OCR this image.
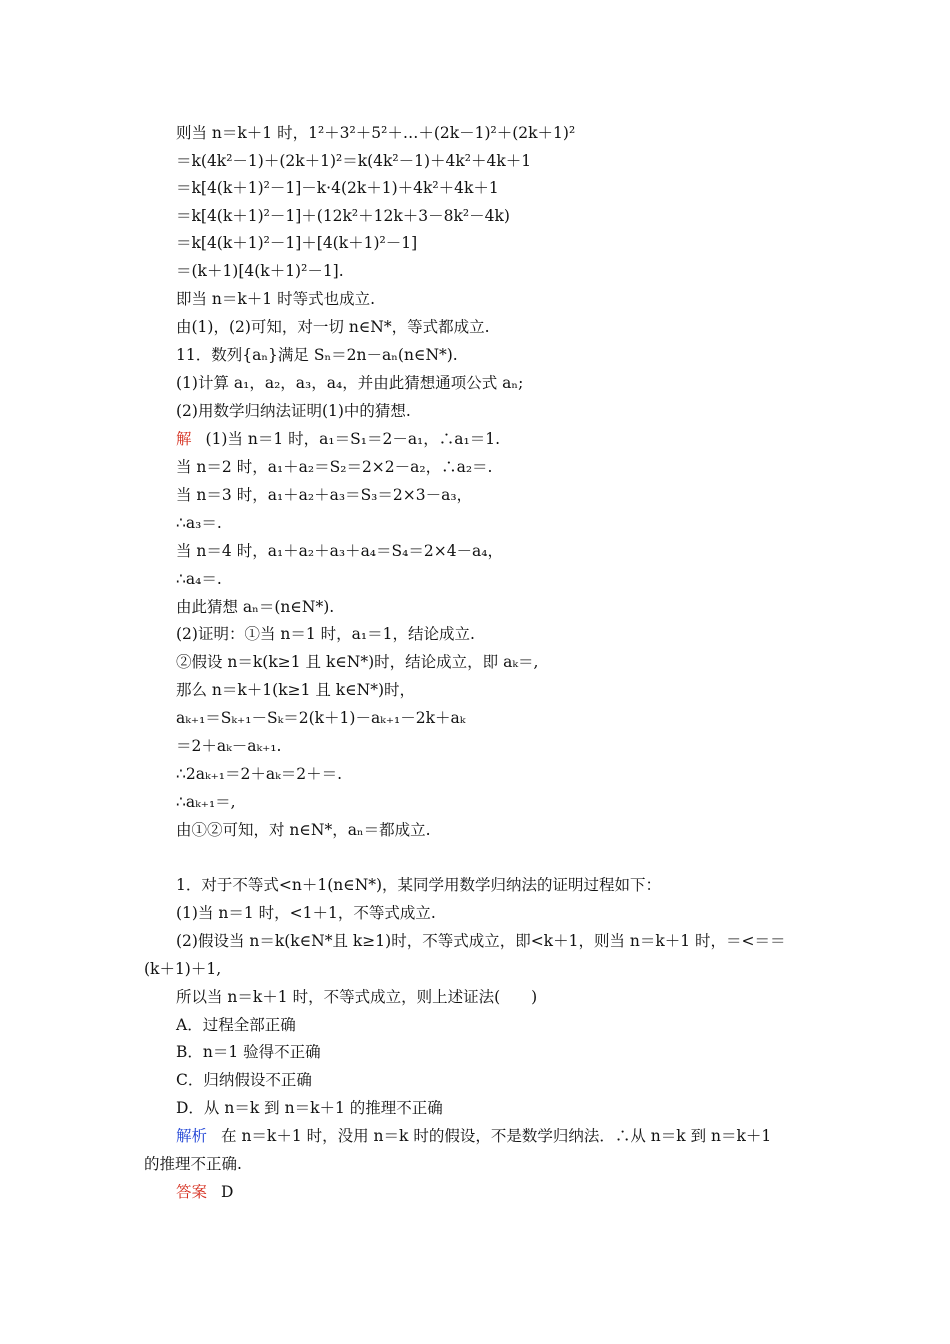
则当 n＝k＋1 时，1²＋3²＋5²＋…＋(2k－1)²＋(2k＋1)²
＝k(4k²－1)＋(2k＋1)²＝k(4k²－1)＋4k²＋4k＋1
＝k[4(k＋1)²－1]－k·4(2k＋1)＋4k²＋4k＋1
＝k[4(k＋1)²－1]＋(12k²＋12k＋3－8k²－4k)
＝k[4(k＋1)²－1]＋[4(k＋1)²－1]
＝(k＋1)[4(k＋1)²－1].
即当 n＝k＋1 时等式也成立.
由(1)，(2)可知，对一切 n∈N*，等式都成立.
11．数列{aₙ}满足 Sₙ＝2n－aₙ(n∈N*).
(1)计算 a₁，a₂，a₃，a₄，并由此猜想通项公式 aₙ;
(2)用数学归纳法证明(1)中的猜想.
解 (1)当 n＝1 时，a₁＝S₁＝2－a₁，∴a₁＝1.
当 n＝2 时，a₁＋a₂＝S₂＝2×2－a₂，∴a₂＝.
当 n＝3 时，a₁＋a₂＋a₃＝S₃＝2×3－a₃，
∴a₃＝.
当 n＝4 时，a₁＋a₂＋a₃＋a₄＝S₄＝2×4－a₄，
∴a₄＝.
由此猜想 aₙ＝(n∈N*).
(2)证明：①当 n＝1 时，a₁＝1，结论成立.
②假设 n＝k(k≥1 且 k∈N*)时，结论成立，即 aₖ＝,
那么 n＝k＋1(k≥1 且 k∈N*)时，
aₖ₊₁＝Sₖ₊₁－Sₖ＝2(k＋1)－aₖ₊₁－2k＋aₖ
＝2＋aₖ－aₖ₊₁.
∴2aₖ₊₁＝2＋aₖ＝2＋＝.
∴aₖ₊₁＝,
由①②可知，对 n∈N*，aₙ＝都成立.
1．对于不等式<n＋1(n∈N*)，某同学用数学归纳法的证明过程如下：
(1)当 n＝1 时，<1＋1，不等式成立.
(2)假设当 n＝k(k∈N*且 k≥1)时，不等式成立，即<k＋1，则当 n＝k＋1 时，＝<＝＝
(k＋1)＋1,
所以当 n＝k＋1 时，不等式成立，则上述证法(　　)
A．过程全部正确
B．n＝1 验得不正确
C．归纳假设不正确
D．从 n＝k 到 n＝k＋1 的推理不正确
解析 在 n＝k＋1 时，没用 n＝k 时的假设，不是数学归纳法．∴从 n＝k 到 n＝k＋1
的推理不正确.
答案 D
